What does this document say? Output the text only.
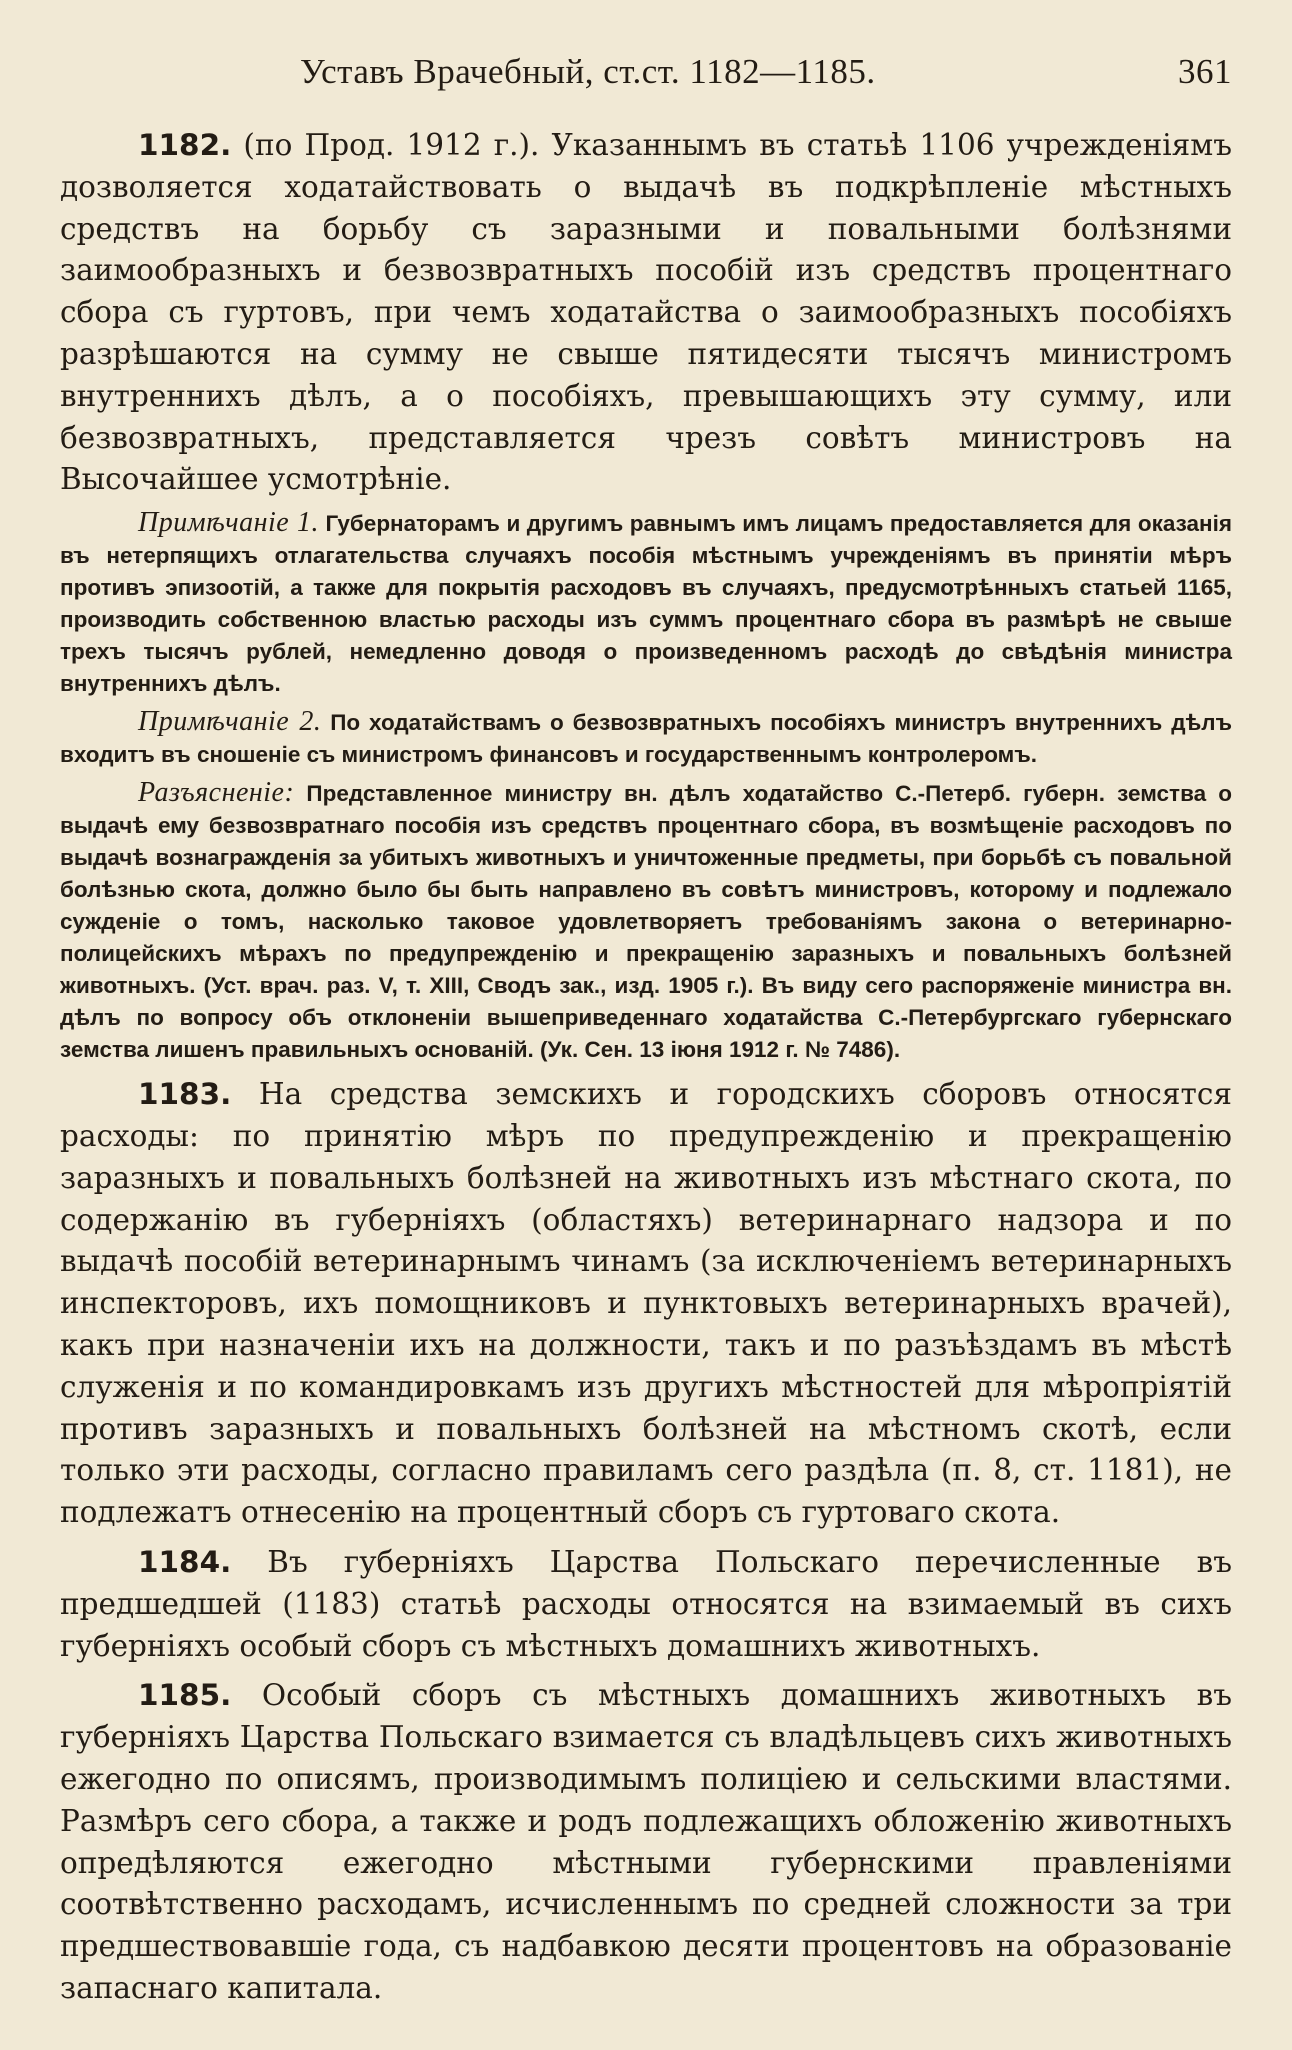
Уставъ Врачебный, ст.ст. 1182—1185.	361

1182. (по Прод. 1912 г.). Указаннымъ въ статьѣ 1106 учрежденіямъ дозволяется ходатайствовать о выдачѣ въ подкрѣпленіе мѣстныхъ средствъ на борьбу съ заразными и повальными болѣзнями заимообразныхъ и безвозвратныхъ пособій изъ средствъ процентнаго сбора съ гуртовъ, при чемъ ходатайства о заимообразныхъ пособіяхъ разрѣшаются на сумму не свыше пятидесяти тысячъ министромъ внутреннихъ дѣлъ, а о пособіяхъ, превышающихъ эту сумму, или безвозвратныхъ, представляется чрезъ совѣтъ министровъ на Высочайшее усмотрѣніе.

Примѣчаніе 1. Губернаторамъ и другимъ равнымъ имъ лицамъ предоставляется для оказанія въ нетерпящихъ отлагательства случаяхъ пособія мѣстнымъ учрежденіямъ въ принятіи мѣръ противъ эпизоотій, а также для покрытія расходовъ въ случаяхъ, предусмотрѣнныхъ статьей 1165, производить собственною властью расходы изъ суммъ процентнаго сбора въ размѣрѣ не свыше трехъ тысячъ рублей, немедленно доводя о произведенномъ расходѣ до свѣдѣнія министра внутреннихъ дѣлъ.

Примѣчаніе 2. По ходатайствамъ о безвозвратныхъ пособіяхъ министръ внутреннихъ дѣлъ входитъ въ сношеніе съ министромъ финансовъ и государственнымъ контролеромъ.

Разъясненіе: Представленное министру вн. дѣлъ ходатайство С.-Петерб. губерн. земства о выдачѣ ему безвозвратнаго пособія изъ средствъ процентнаго сбора, въ возмѣщеніе расходовъ по выдачѣ вознагражденія за убитыхъ животныхъ и уничтоженные предметы, при борьбѣ съ повальной болѣзнью скота, должно было бы быть направлено въ совѣтъ министровъ, которому и подлежало сужденіе о томъ, насколько таковое удовлетворяетъ требованіямъ закона о ветеринарно-полицейскихъ мѣрахъ по предупрежденію и прекращенію заразныхъ и повальныхъ болѣзней животныхъ. (Уст. врач. раз. V, т. XIII, Сводъ зак., изд. 1905 г.). Въ виду сего распоряженіе министра вн. дѣлъ по вопросу объ отклоненіи вышеприведеннаго ходатайства С.-Петербургскаго губернскаго земства лишенъ правильныхъ основаній. (Ук. Сен. 13 іюня 1912 г. № 7486).

1183. На средства земскихъ и городскихъ сборовъ относятся расходы: по принятію мѣръ по предупрежденію и прекращенію заразныхъ и повальныхъ болѣзней на животныхъ изъ мѣстнаго скота, по содержанію въ губерніяхъ (областяхъ) ветеринарнаго надзора и по выдачѣ пособій ветеринарнымъ чинамъ (за исключеніемъ ветеринарныхъ инспекторовъ, ихъ помощниковъ и пунктовыхъ ветеринарныхъ врачей), какъ при назначеніи ихъ на должности, такъ и по разъѣздамъ въ мѣстѣ служенія и по командировкамъ изъ другихъ мѣстностей для мѣропріятій противъ заразныхъ и повальныхъ болѣзней на мѣстномъ скотѣ, если только эти расходы, согласно правиламъ сего раздѣла (п. 8, ст. 1181), не подлежатъ отнесенію на процентный сборъ съ гуртоваго скота.

1184. Въ губерніяхъ Царства Польскаго перечисленные въ предшедшей (1183) статьѣ расходы относятся на взимаемый въ сихъ губерніяхъ особый сборъ съ мѣстныхъ домашнихъ животныхъ.

1185. Особый сборъ съ мѣстныхъ домашнихъ животныхъ въ губерніяхъ Царства Польскаго взимается съ владѣльцевъ сихъ животныхъ ежегодно по описямъ, производимымъ полиціею и сельскими властями. Размѣръ сего сбора, а также и родъ подлежащихъ обложенію животныхъ опредѣляются ежегодно мѣстными губернскими правленіями соотвѣтственно расходамъ, исчисленнымъ по средней сложности за три предшествовавшіе года, съ надбавкою десяти процентовъ на образованіе запаснаго капитала.
